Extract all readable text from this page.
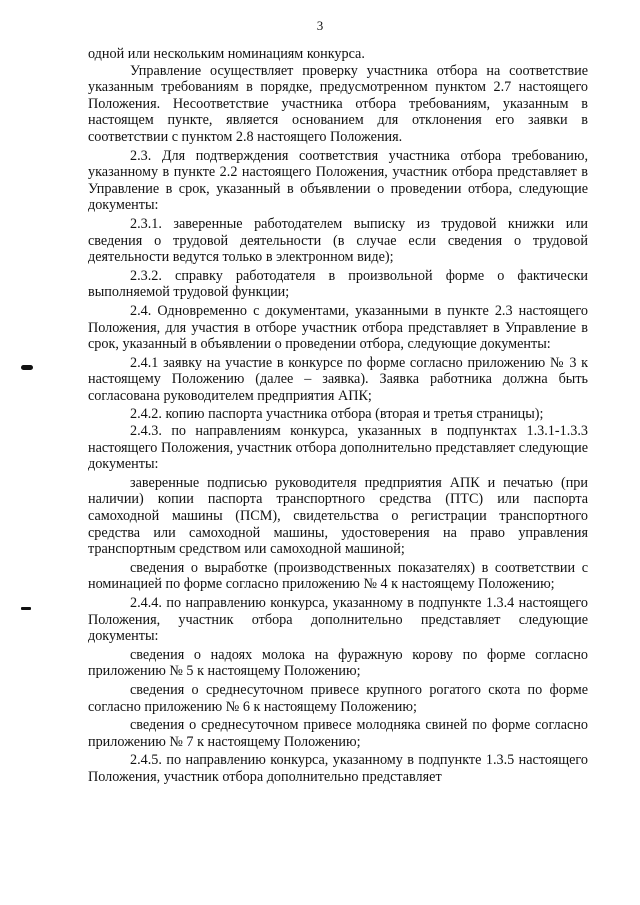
3

одной или нескольким номинациям конкурса.

Управление осуществляет проверку участника отбора на соответствие указанным требованиям в порядке, предусмотренном пунктом 2.7 настоящего Положения. Несоответствие участника отбора требованиям, указанным в настоящем пункте, является основанием для отклонения его заявки в соответствии с пунктом 2.8 настоящего Положения.

2.3. Для подтверждения соответствия участника отбора требованию, указанному в пункте 2.2 настоящего Положения, участник отбора представляет в Управление в срок, указанный в объявлении о проведении отбора, следующие документы:

2.3.1. заверенные работодателем выписку из трудовой книжки или сведения о трудовой деятельности (в случае если сведения о трудовой деятельности ведутся только в электронном виде);

2.3.2. справку работодателя в произвольной форме о фактически выполняемой трудовой функции;

2.4. Одновременно с документами, указанными в пункте 2.3 настоящего Положения, для участия в отборе участник отбора представляет в Управление в срок, указанный в объявлении о проведении отбора, следующие документы:

2.4.1 заявку на участие в конкурсе по форме согласно приложению № 3 к настоящему Положению (далее – заявка). Заявка работника должна быть согласована руководителем предприятия АПК;

2.4.2. копию паспорта участника отбора (вторая и третья страницы);

2.4.3. по направлениям конкурса, указанных в подпунктах 1.3.1-1.3.3 настоящего Положения, участник отбора дополнительно представляет следующие документы:

заверенные подписью руководителя предприятия АПК и печатью (при наличии) копии паспорта транспортного средства (ПТС) или паспорта самоходной машины (ПСМ), свидетельства о регистрации транспортного средства или самоходной машины, удостоверения на право управления транспортным средством или самоходной машиной;

сведения о выработке (производственных показателях) в соответствии с номинацией по форме согласно приложению № 4 к настоящему Положению;

2.4.4. по направлению конкурса, указанному в подпункте 1.3.4 настоящего Положения, участник отбора дополнительно представляет следующие документы:

сведения о надоях молока на фуражную корову по форме согласно приложению № 5 к настоящему Положению;

сведения о среднесуточном привесе крупного рогатого скота по форме согласно приложению № 6 к настоящему Положению;

сведения о среднесуточном привесе молодняка свиней по форме согласно приложению № 7 к настоящему Положению;

2.4.5. по направлению конкурса, указанному в подпункте 1.3.5 настоящего Положения, участник отбора дополнительно представляет
